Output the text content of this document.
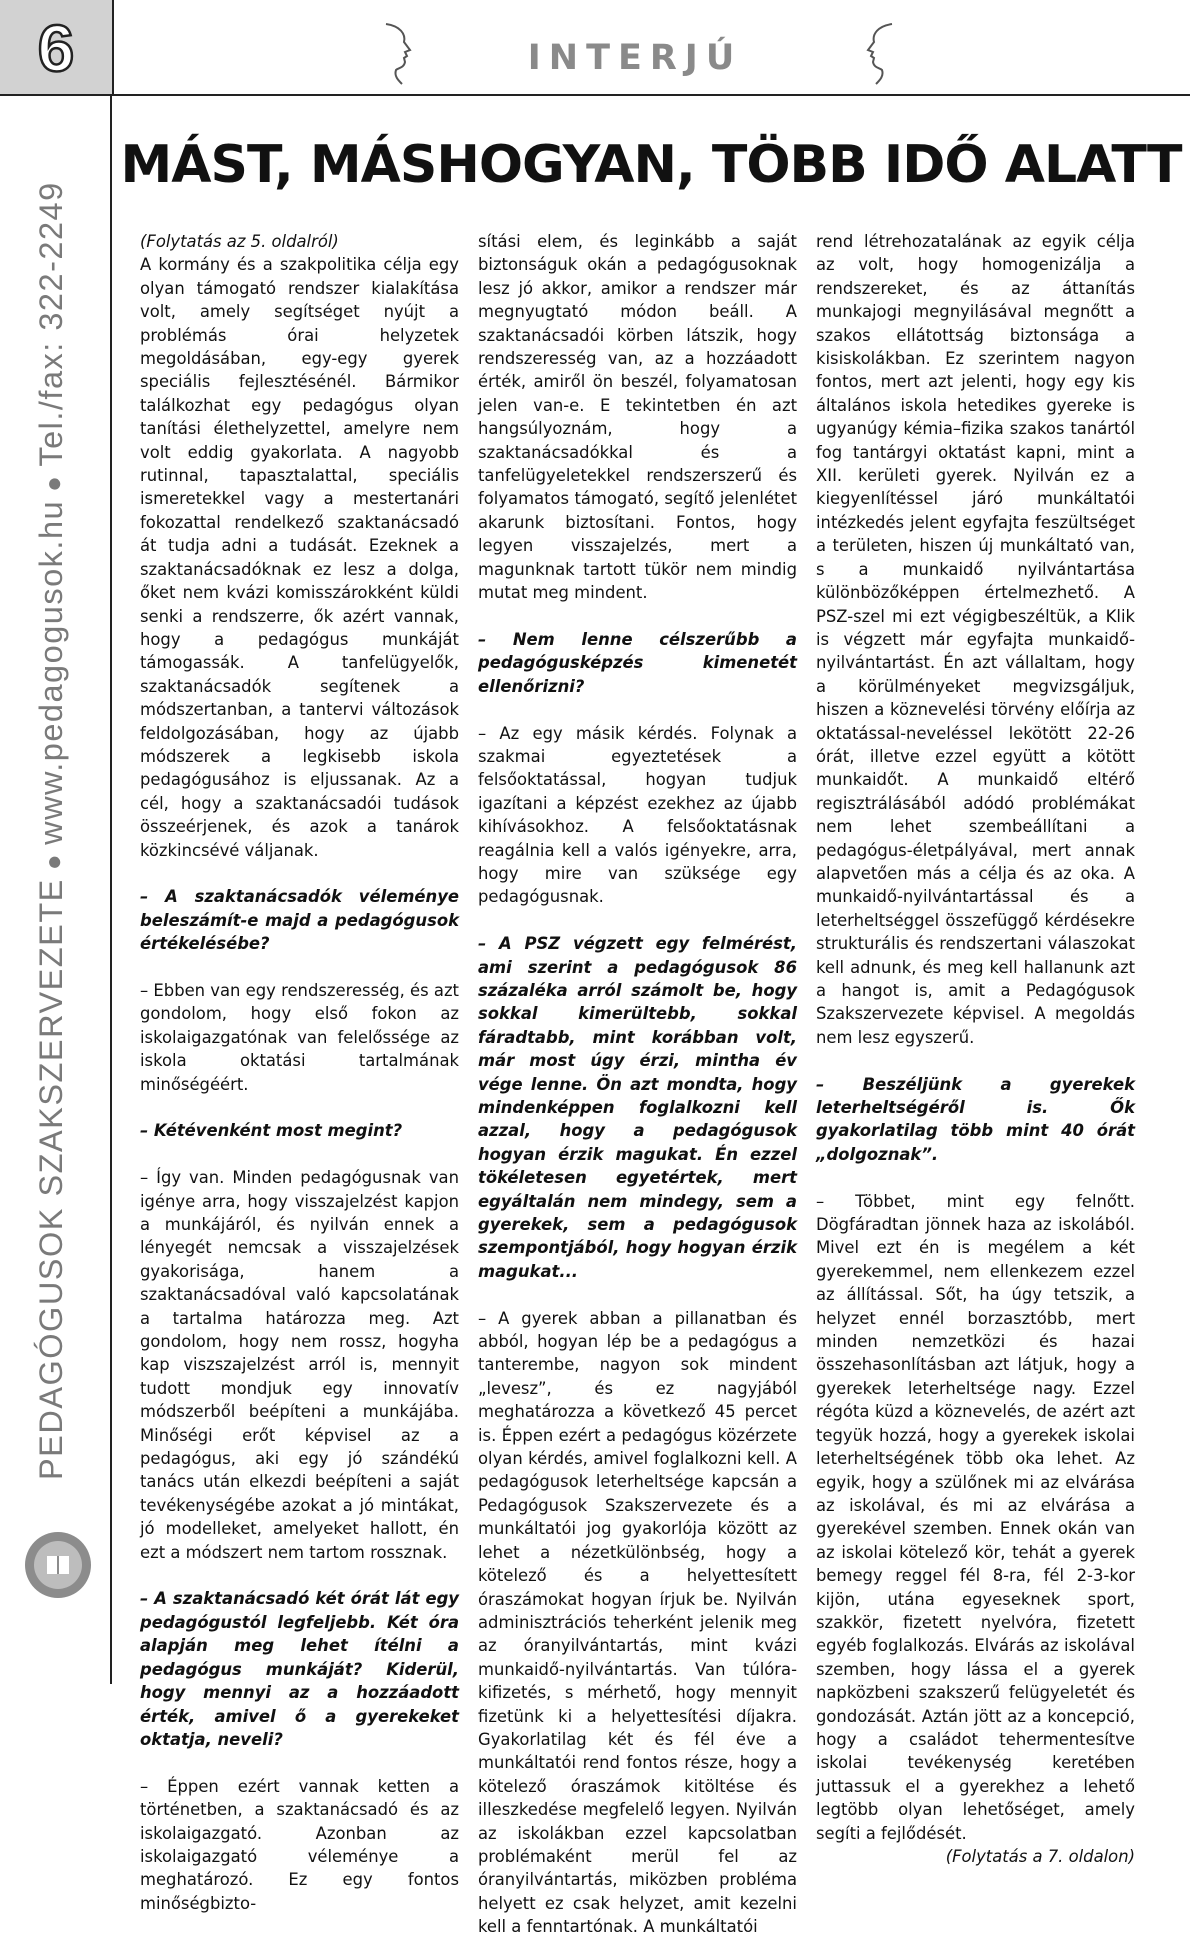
6	INTERJÚ
PEDAGÓGUSOK SZAKSZERVEZETE●www.pedagogusok.hu●Tel./fax: 322-2249
MÁST, MÁSHOGYAN, TÖBB IDŐ ALATT

(Folytatás az 5. oldalról)

A kormány és a szakpolitika célja egy olyan támogató rendszer kialakítása volt, amely segítséget nyújt a problémás órai helyzetek megoldásában, egy-egy gyerek speciális fejlesztésénél. Bármikor találkozhat egy pedagógus olyan tanítási élethelyzettel, amelyre nem volt eddig gyakorlata. A nagyobb rutinnal, tapasztalattal, speciális ismeretekkel vagy a mestertanári fokozattal rendelkező szaktanácsadó át tudja adni a tudását. Ezeknek a szaktanácsadóknak ez lesz a dolga, őket nem kvázi komisszárokként küldi senki a rendszerre, ők azért vannak, hogy a pedagógus munkáját támogassák. A tanfelügyelők, szaktanácsadók segítenek a módszertanban, a tantervi változások feldolgozásában, hogy az újabb módszerek a legkisebb iskola pedagógusához is eljussanak. Az a cél, hogy a szaktanácsadói tudások összeérjenek, és azok a tanárok közkincsévé váljanak.

– A szaktanácsadók véleménye beleszámít-e majd a pedagógusok értékelésébe?

– Ebben van egy rendszeresség, és azt gondolom, hogy első fokon az iskolaigazgatónak van felelőssége az iskola oktatási tartalmának minőségéért.

– Kétévenként most megint?

– Így van. Minden pedagógusnak van igénye arra, hogy visszajelzést kapjon a munkájáról, és nyilván ennek a lényegét nemcsak a visszajelzések gyakorisága, hanem a szaktanácsadóval való kapcsolatának a tartalma határozza meg. Azt gondolom, hogy nem rossz, hogyha kap viszszajelzést arról is, mennyit tudott mondjuk egy innovatív módszerből beépíteni a munkájába. Minőségi erőt képvisel az a pedagógus, aki egy jó szándékú tanács után elkezdi beépíteni a saját tevékenységébe azokat a jó mintákat, jó modelleket, amelyeket hallott, én ezt a módszert nem tartom rossznak.

– A szaktanácsadó két órát lát egy pedagógustól legfeljebb. Két óra alapján meg lehet ítélni a pedagógus munkáját? Kiderül, hogy mennyi az a hozzáadott érték, amivel ő a gyerekeket oktatja, neveli?

– Éppen ezért vannak ketten a történetben, a szaktanácsadó és az iskolaigazgató. Azonban az iskolaigazgató véleménye a meghatározó. Ez egy fontos minőségbizto-

sítási elem, és leginkább a saját biztonságuk okán a pedagógusoknak lesz jó akkor, amikor a rendszer már megnyugtató módon beáll. A szaktanácsadói körben látszik, hogy rendszeresség van, az a hozzáadott érték, amiről ön beszél, folyamatosan jelen van-e. E tekintetben én azt hangsúlyoznám, hogy a szaktanácsadókkal és a tanfelügyeletekkel rendszerszerű és folyamatos támogató, segítő jelenlétet akarunk biztosítani. Fontos, hogy legyen visszajelzés, mert a magunknak tartott tükör nem mindig mutat meg mindent.

– Nem lenne célszerűbb a pedagógusképzés kimenetét ellenőrizni?

– Az egy másik kérdés. Folynak a szakmai egyeztetések a felsőoktatással, hogyan tudjuk igazítani a képzést ezekhez az újabb kihívásokhoz. A felsőoktatásnak reagálnia kell a valós igényekre, arra, hogy mire van szüksége egy pedagógusnak.

– A PSZ végzett egy felmérést, ami szerint a pedagógusok 86 százaléka arról számolt be, hogy sokkal kimerültebb, sokkal fáradtabb, mint korábban volt, már most úgy érzi, mintha év vége lenne. Ön azt mondta, hogy mindenképpen foglalkozni kell azzal, hogy a pedagógusok hogyan érzik magukat. Én ezzel tökéletesen egyetértek, mert egyáltalán nem mindegy, sem a gyerekek, sem a pedagógusok szempontjából, hogy hogyan érzik magukat...

– A gyerek abban a pillanatban és abból, hogyan lép be a pedagógus a tanterembe, nagyon sok mindent „levesz”, és ez nagyjából meghatározza a következő 45 percet is. Éppen ezért a pedagógus közérzete olyan kérdés, amivel foglalkozni kell. A pedagógusok leterheltsége kapcsán a Pedagógusok Szakszervezete és a munkáltatói jog gyakorlója között az lehet a nézetkülönbség, hogy a kötelező és a helyettesített óraszámokat hogyan írjuk be. Nyilván adminisztrációs teherként jelenik meg az óranyilvántartás, mint kvázi munkaidő-nyilvántartás. Van túlóra-kifizetés, s mérhető, hogy mennyit fizetünk ki a helyettesítési díjakra. Gyakorlatilag két és fél éve a munkáltatói rend fontos része, hogy a kötelező óraszámok kitöltése és illeszkedése megfelelő legyen. Nyilván az iskolákban ezzel kapcsolatban problémaként merül fel az óranyilvántartás, miközben probléma helyett ez csak helyzet, amit kezelni kell a fenntartónak. A munkáltatói

rend létrehozatalának az egyik célja az volt, hogy homogenizálja a rendszereket, és az áttanítás munkajogi megnyilásával megnőtt a szakos ellátottság biztonsága a kisiskolákban. Ez szerintem nagyon fontos, mert azt jelenti, hogy egy kis általános iskola hetedikes gyereke is ugyanúgy kémia–fizika szakos tanártól fog tantárgyi oktatást kapni, mint a XII. kerületi gyerek. Nyilván ez a kiegyenlítéssel járó munkáltatói intézkedés jelent egyfajta feszültséget a területen, hiszen új munkáltató van, s a munkaidő nyilvántartása különbözőképpen értelmezhető. A PSZ-szel mi ezt végigbeszéltük, a Klik is végzett már egyfajta munkaidő-nyilvántartást. Én azt vállaltam, hogy a körülményeket megvizsgáljuk, hiszen a köznevelési törvény előírja az oktatással-neveléssel lekötött 22-26 órát, illetve ezzel együtt a kötött munkaidőt. A munkaidő eltérő regisztrálásából adódó problémákat nem lehet szembeállítani a pedagógus-életpályával, mert annak alapvetően más a célja és az oka. A munkaidő-nyilvántartással és a leterheltséggel összefüggő kérdésekre strukturális és rendszertani válaszokat kell adnunk, és meg kell hallanunk azt a hangot is, amit a Pedagógusok Szakszervezete képvisel. A megoldás nem lesz egyszerű.

– Beszéljünk a gyerekek leterheltségéről is. Ők gyakorlatilag több mint 40 órát „dolgoznak”.

– Többet, mint egy felnőtt. Dögfáradtan jönnek haza az iskolából. Mivel ezt én is megélem a két gyerekemmel, nem ellenkezem ezzel az állítással. Sőt, ha úgy tetszik, a helyzet ennél borzasztóbb, mert minden nemzetközi és hazai összehasonlításban azt látjuk, hogy a gyerekek leterheltsége nagy. Ezzel régóta küzd a köznevelés, de azért azt tegyük hozzá, hogy a gyerekek iskolai leterheltségének több oka lehet. Az egyik, hogy a szülőnek mi az elvárása az iskolával, és mi az elvárása a gyerekével szemben. Ennek okán van az iskolai kötelező kör, tehát a gyerek bemegy reggel fél 8-ra, fél 2-3-kor kijön, utána egyeseknek sport, szakkör, fizetett nyelvóra, fizetett egyéb foglalkozás. Elvárás az iskolával szemben, hogy lássa el a gyerek napközbeni szakszerű felügyeletét és gondozását. Aztán jött az a koncepció, hogy a családot tehermentesítve iskolai tevékenység keretében juttassuk el a gyerekhez a lehető legtöbb olyan lehetőséget, amely segíti a fejlődését.

(Folytatás a 7. oldalon)
